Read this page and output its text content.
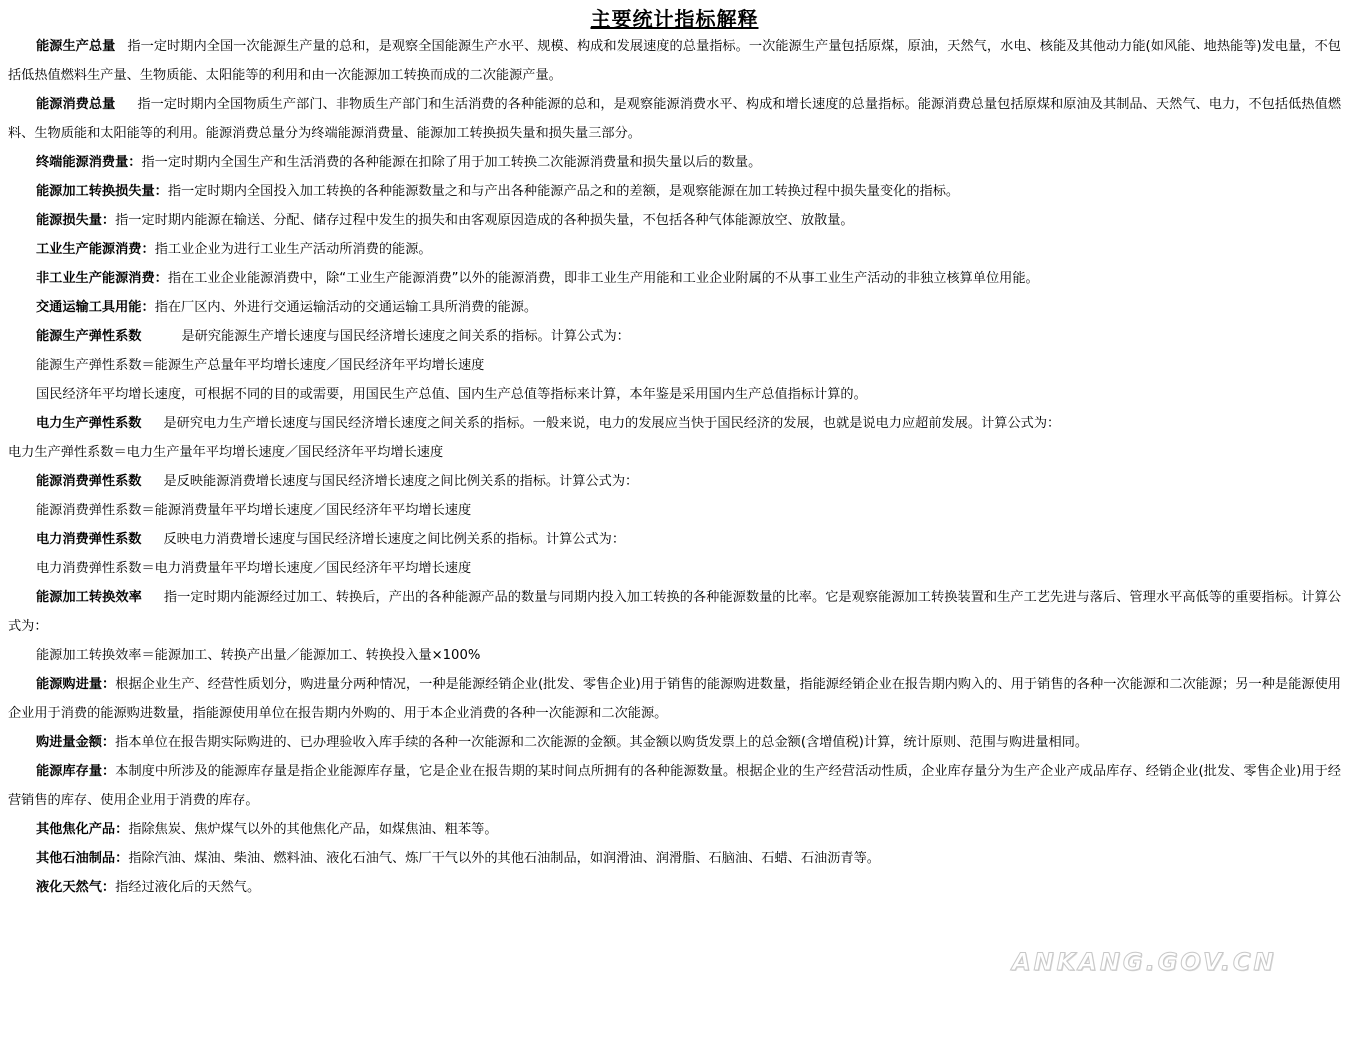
主要统计指标解释

能源生产总量 指一定时期内全国一次能源生产量的总和，是观察全国能源生产水平、规模、构成和发展速度的总量指标。一次能源生产量包括原煤，原油，天然气，水电、核能及其他动力能(如风能、地热能等)发电量，不包括低热值燃料生产量、生物质能、太阳能等的利用和由一次能源加工转换而成的二次能源产量。

能源消费总量 指一定时期内全国物质生产部门、非物质生产部门和生活消费的各种能源的总和，是观察能源消费水平、构成和增长速度的总量指标。能源消费总量包括原煤和原油及其制品、天然气、电力，不包括低热值燃料、生物质能和太阳能等的利用。能源消费总量分为终端能源消费量、能源加工转换损失量和损失量三部分。

终端能源消费量：指一定时期内全国生产和生活消费的各种能源在扣除了用于加工转换二次能源消费量和损失量以后的数量。

能源加工转换损失量：指一定时期内全国投入加工转换的各种能源数量之和与产出各种能源产品之和的差额，是观察能源在加工转换过程中损失量变化的指标。

能源损失量：指一定时期内能源在输送、分配、储存过程中发生的损失和由客观原因造成的各种损失量，不包括各种气体能源放空、放散量。

工业生产能源消费：指工业企业为进行工业生产活动所消费的能源。

非工业生产能源消费：指在工业企业能源消费中，除“工业生产能源消费”以外的能源消费，即非工业生产用能和工业企业附属的不从事工业生产活动的非独立核算单位用能。

交通运输工具用能：指在厂区内、外进行交通运输活动的交通运输工具所消费的能源。

能源生产弹性系数	是研究能源生产增长速度与国民经济增长速度之间关系的指标。计算公式为：

能源生产弹性系数＝能源生产总量年平均增长速度／国民经济年平均增长速度

国民经济年平均增长速度，可根据不同的目的或需要，用国民生产总值、国内生产总值等指标来计算，本年鉴是采用国内生产总值指标计算的。

电力生产弹性系数 是研究电力生产增长速度与国民经济增长速度之间关系的指标。一般来说，电力的发展应当快于国民经济的发展，也就是说电力应超前发展。计算公式为：

电力生产弹性系数＝电力生产量年平均增长速度／国民经济年平均增长速度

能源消费弹性系数 是反映能源消费增长速度与国民经济增长速度之间比例关系的指标。计算公式为：

能源消费弹性系数＝能源消费量年平均增长速度／国民经济年平均增长速度

电力消费弹性系数 反映电力消费增长速度与国民经济增长速度之间比例关系的指标。计算公式为：

电力消费弹性系数＝电力消费量年平均增长速度／国民经济年平均增长速度

能源加工转换效率 指一定时期内能源经过加工、转换后，产出的各种能源产品的数量与同期内投入加工转换的各种能源数量的比率。它是观察能源加工转换装置和生产工艺先进与落后、管理水平高低等的重要指标。计算公式为：

能源加工转换效率＝能源加工、转换产出量／能源加工、转换投入量×100%

能源购进量：根据企业生产、经营性质划分，购进量分两种情况，一种是能源经销企业(批发、零售企业)用于销售的能源购进数量，指能源经销企业在报告期内购入的、用于销售的各种一次能源和二次能源；另一种是能源使用企业用于消费的能源购进数量，指能源使用单位在报告期内外购的、用于本企业消费的各种一次能源和二次能源。

购进量金额：指本单位在报告期实际购进的、已办理验收入库手续的各种一次能源和二次能源的金额。其金额以购货发票上的总金额(含增值税)计算，统计原则、范围与购进量相同。

能源库存量：本制度中所涉及的能源库存量是指企业能源库存量，它是企业在报告期的某时间点所拥有的各种能源数量。根据企业的生产经营活动性质，企业库存量分为生产企业产成品库存、经销企业(批发、零售企业)用于经营销售的库存、使用企业用于消费的库存。

其他焦化产品：指除焦炭、焦炉煤气以外的其他焦化产品，如煤焦油、粗苯等。

其他石油制品：指除汽油、煤油、柴油、燃料油、液化石油气、炼厂干气以外的其他石油制品，如润滑油、润滑脂、石脑油、石蜡、石油沥青等。

液化天然气：指经过液化后的天然气。

ANKANG.GOV.CN
